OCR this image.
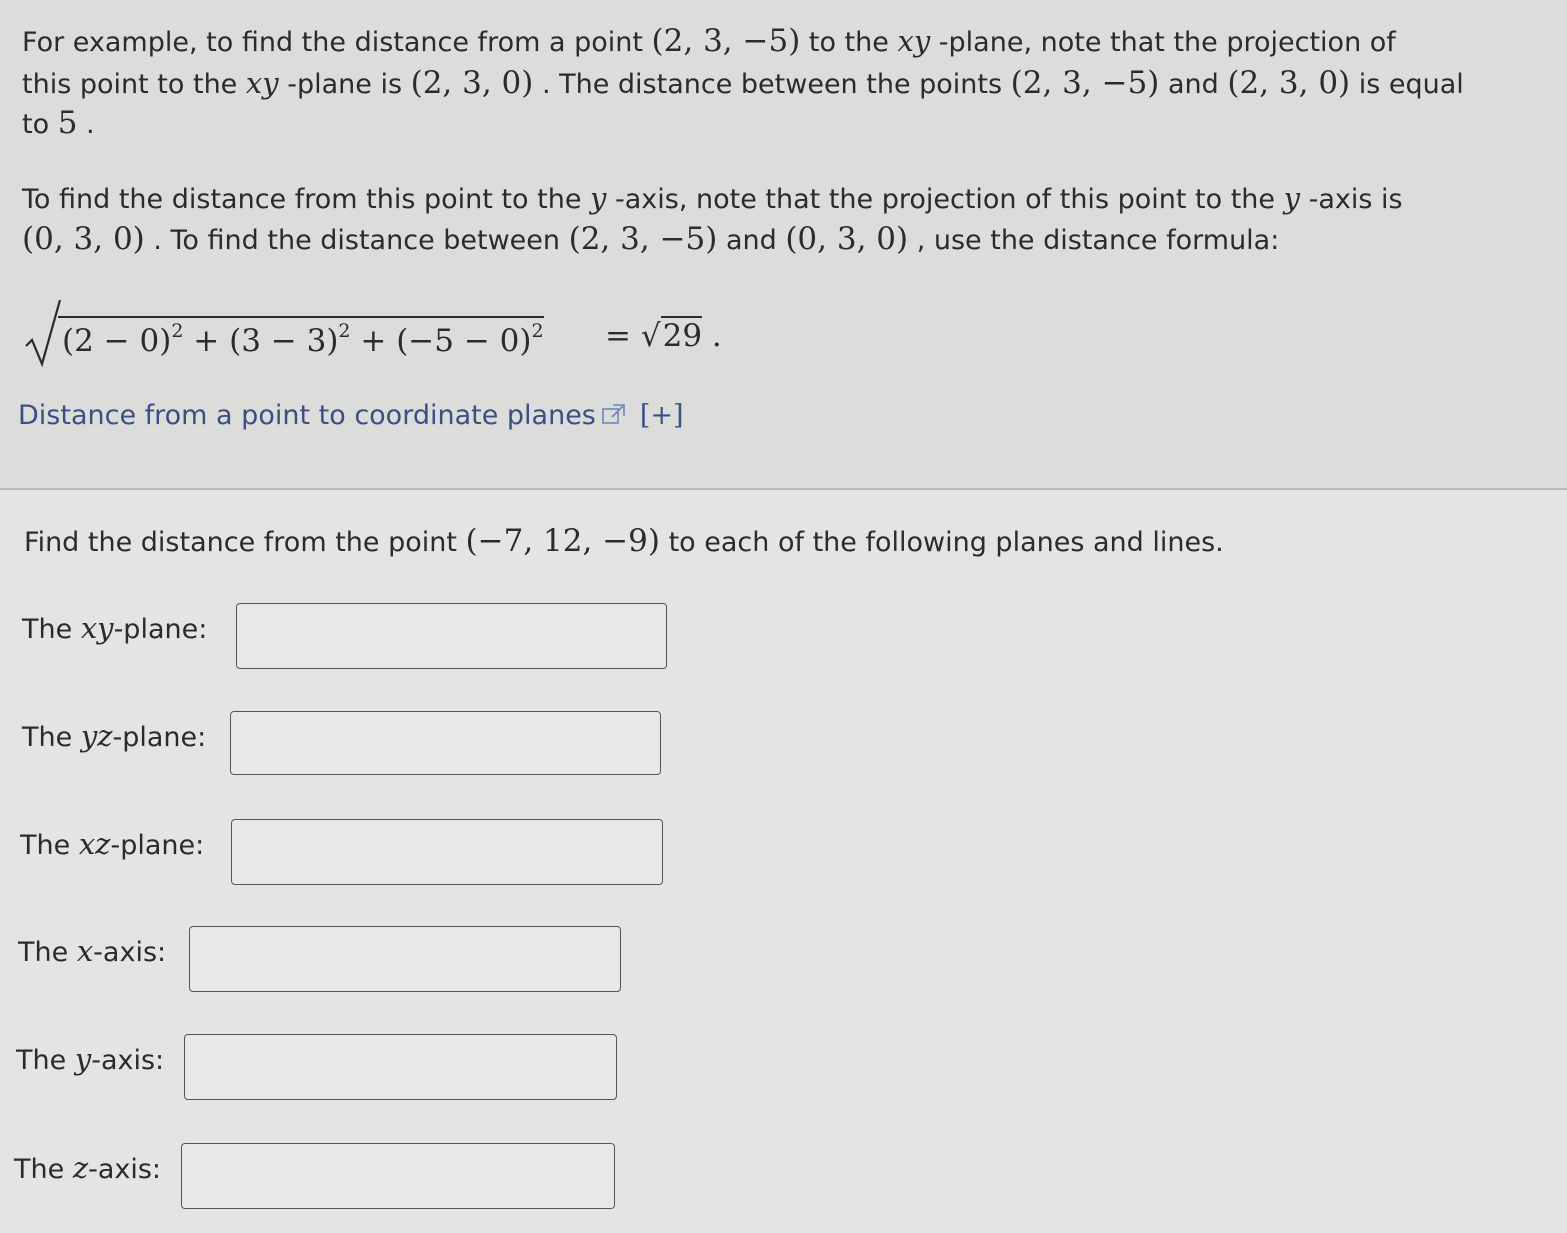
For example, to find the distance from a point (2, 3, −5) to the xy -plane, note that the projection of
this point to the xy -plane is (2, 3, 0) . The distance between the points (2, 3, −5) and (2, 3, 0) is equal
to 5 .
To find the distance from this point to the y -axis, note that the projection of this point to the y -axis is
(0, 3, 0) . To find the distance between (2, 3, −5) and (0, 3, 0) , use the distance formula:
$(2 - 0)^2 + (3 - 3)^2 + (-5 - 0)^2 = √29$ .
Distance from a point to coordinate planes [+]
Find the distance from the point (−7, 12, −9) to each of the following planes and lines.
The xy-plane:
The yz-plane:
The xz-plane:
The x-axis:
The y-axis:
The z-axis:
